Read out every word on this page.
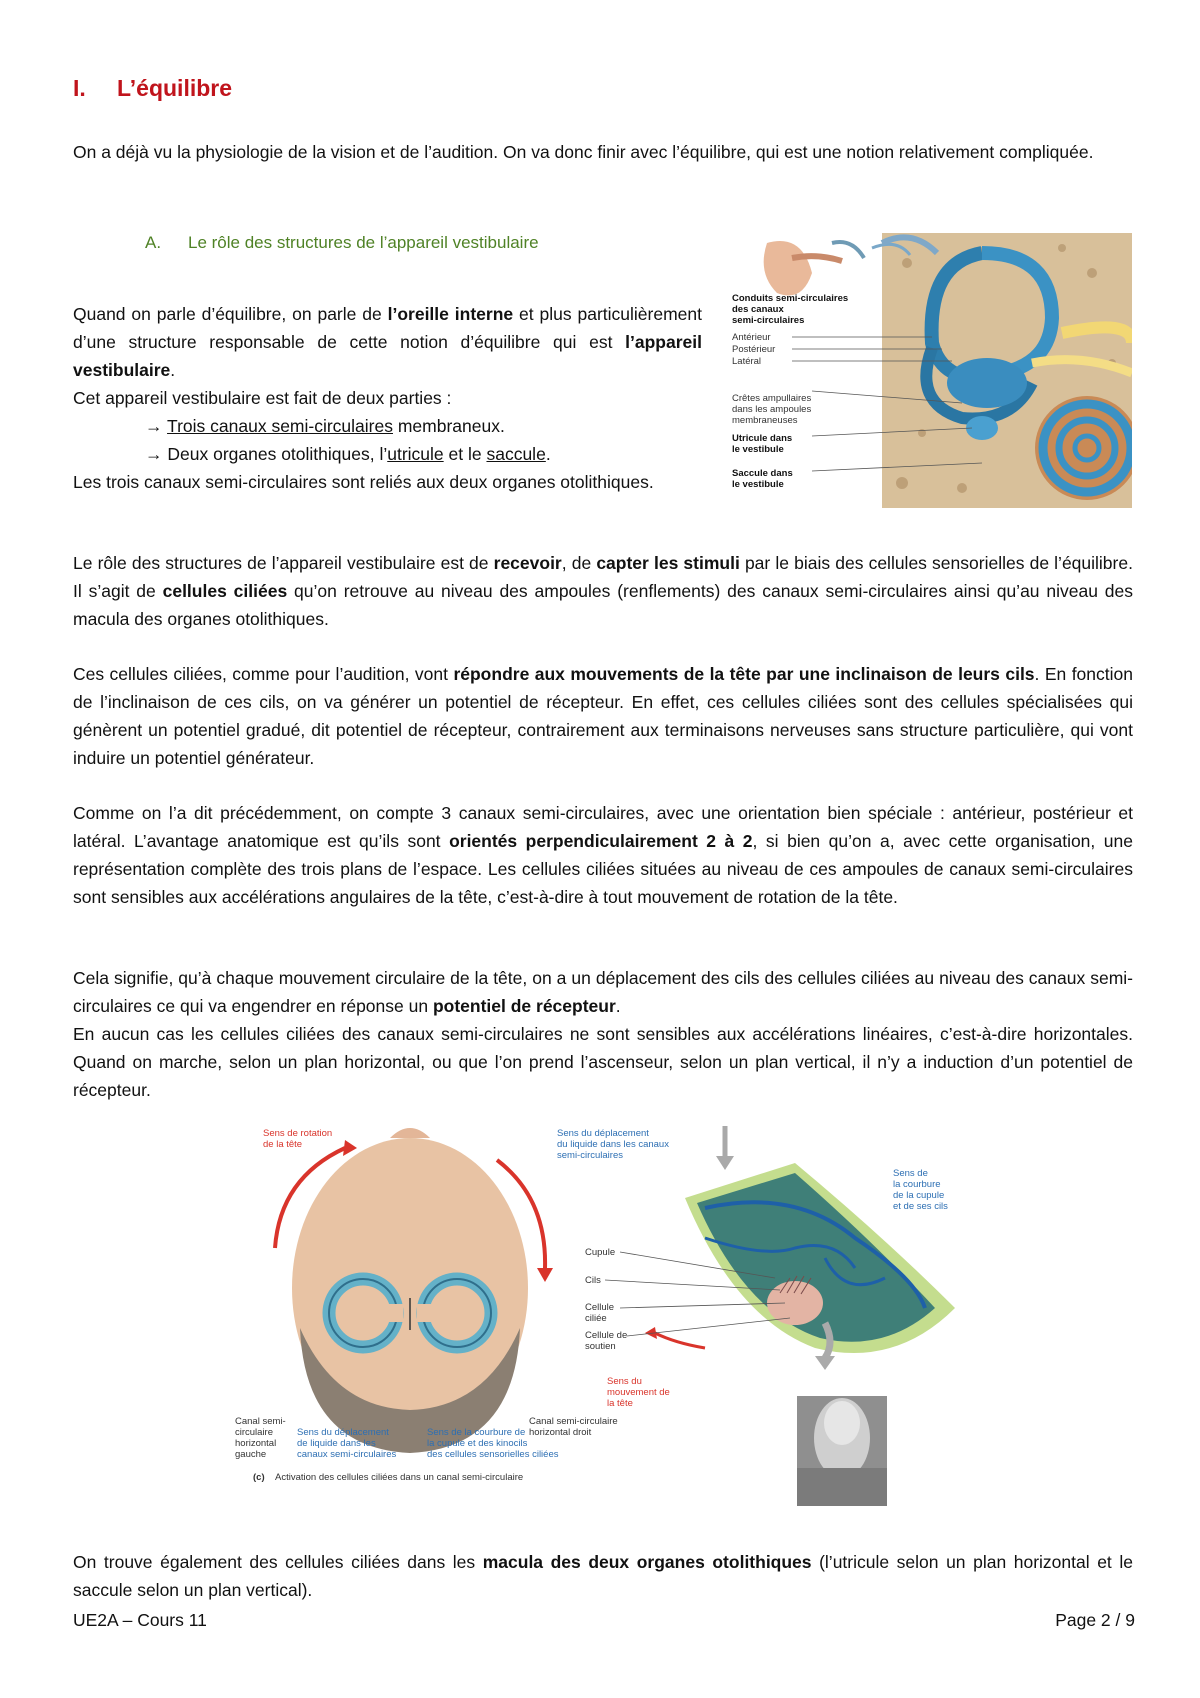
I. L’équilibre

On a déjà vu la physiologie de la vision et de l’audition. On va donc finir avec l’équilibre, qui est une notion relativement compliquée.

A. Le rôle des structures de l’appareil vestibulaire

Quand on parle d’équilibre, on parle de l’oreille interne et plus particulièrement d’une structure responsable de cette notion d’équilibre qui est l’appareil vestibulaire.
Cet appareil vestibulaire est fait de deux parties :
→ Trois canaux semi-circulaires membraneux.
→ Deux organes otolithiques, l’utricule et le saccule.
Les trois canaux semi-circulaires sont reliés aux deux organes otolithiques.

Conduits semi-circulaires
des canaux
semi-circulaires
Antérieur
Postérieur
Latéral
Crêtes ampullaires
dans les ampoules
membraneuses
Utricule dans
le vestibule
Saccule dans
le vestibule

Le rôle des structures de l’appareil vestibulaire est de recevoir, de capter les stimuli par le biais des cellules sensorielles de l’équilibre. Il s’agit de cellules ciliées qu’on retrouve au niveau des ampoules (renflements) des canaux semi-circulaires ainsi qu’au niveau des macula des organes otolithiques.

Ces cellules ciliées, comme pour l’audition, vont répondre aux mouvements de la tête par une inclinaison de leurs cils. En fonction de l’inclinaison de ces cils, on va générer un potentiel de récepteur. En effet, ces cellules ciliées sont des cellules spécialisées qui génèrent un potentiel gradué, dit potentiel de récepteur, contrairement aux terminaisons nerveuses sans structure particulière, qui vont induire un potentiel générateur.

Comme on l’a dit précédemment, on compte 3 canaux semi-circulaires, avec une orientation bien spéciale : antérieur, postérieur et latéral. L’avantage anatomique est qu’ils sont orientés perpendiculairement 2 à 2, si bien qu’on a, avec cette organisation, une représentation complète des trois plans de l’espace. Les cellules ciliées situées au niveau de ces ampoules de canaux semi-circulaires sont sensibles aux accélérations angulaires de la tête, c’est-à-dire à tout mouvement de rotation de la tête.

Cela signifie, qu’à chaque mouvement circulaire de la tête, on a un déplacement des cils des cellules ciliées au niveau des canaux semi-circulaires ce qui va engendrer en réponse un potentiel de récepteur.
En aucun cas les cellules ciliées des canaux semi-circulaires ne sont sensibles aux accélérations linéaires, c’est-à-dire horizontales. Quand on marche, selon un plan horizontal, ou que l’on prend l’ascenseur, selon un plan vertical, il n’y a induction d’un potentiel de récepteur.

Canal semi-
circulaire
horizontal
gauche
Sens du déplacement
de liquide dans les
canaux semi-circulaires
Sens de la courbure de
la cupule et des kinocils
des cellules sensorielles ciliées
Canal semi-circulaire
horizontal droit
(c) Activation des cellules ciliées dans un canal semi-circulaire
Sens de rotation
de la tête
Sens du déplacement
du liquide dans les canaux
semi-circulaires
Sens de
la courbure
de la cupule
et de ses cils
Cupule
Cils
Cellule
ciliée
Cellule de
soutien
Sens du
mouvement de
la tête

On trouve également des cellules ciliées dans les macula des deux organes otolithiques (l’utricule selon un plan horizontal et le saccule selon un plan vertical).

UE2A – Cours 11	Page 2 / 9
